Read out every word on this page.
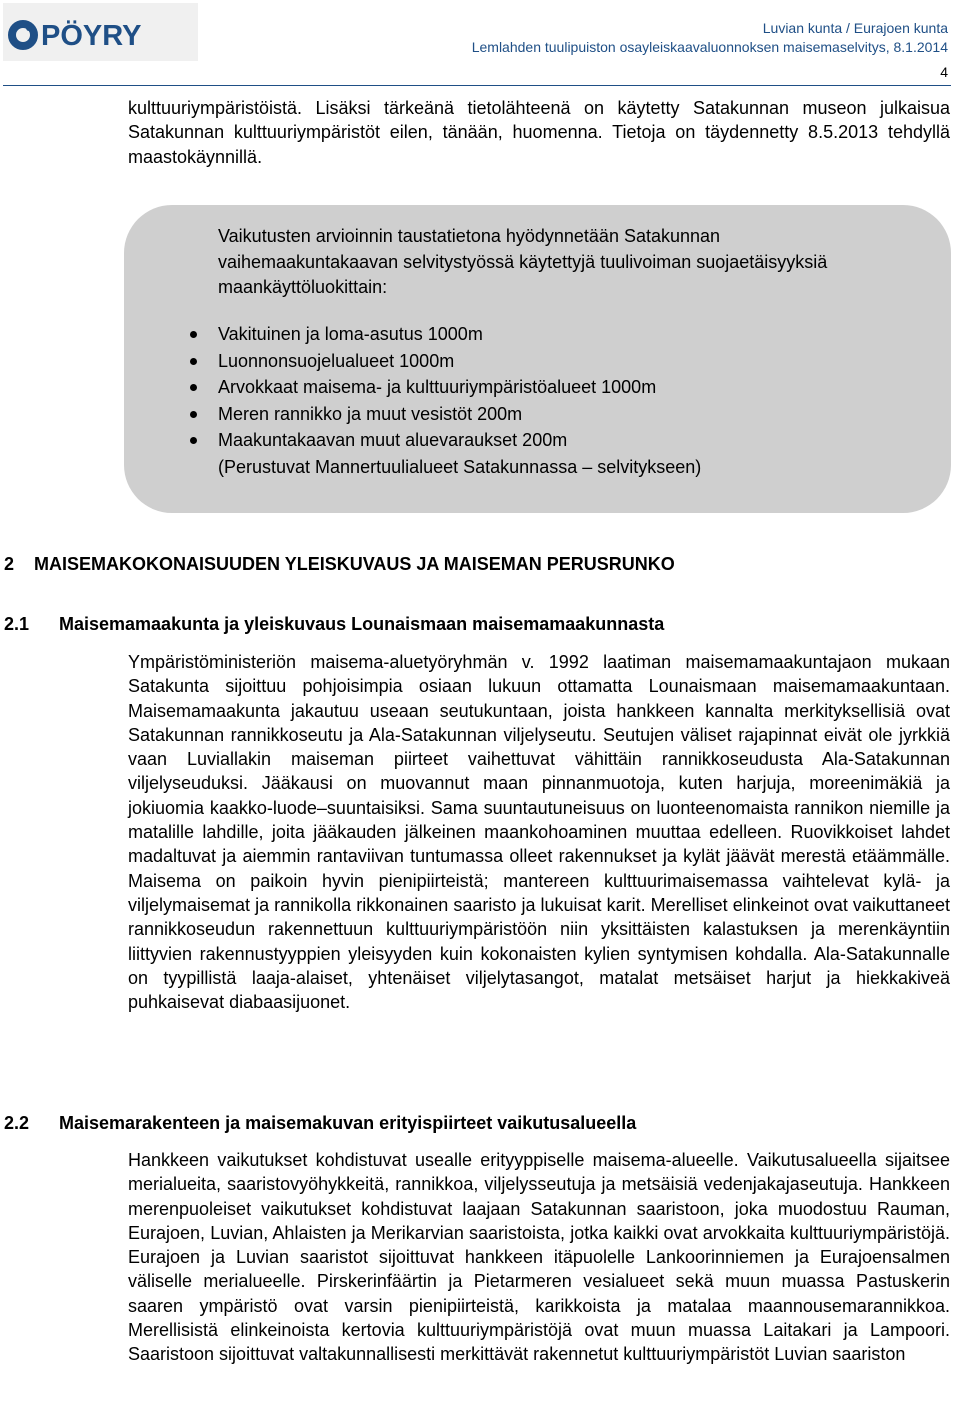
PÖYRY	Luvian kunta / Eurajoen kunta
Lemlahden tuulipuiston osayleiskaavaluonnoksen maisemaselvitys, 8.1.2014
4

kulttuuriympäristöistä. Lisäksi tärkeänä tietolähteenä on käytetty Satakunnan museon julkaisua Satakunnan kulttuuriympäristöt eilen, tänään, huomenna. Tietoja on täydennetty 8.5.2013 tehdyllä maastokäynnillä.

Vaikutusten arvioinnin taustatietona hyödynnetään Satakunnan vaihemaakuntakaavan selvitystyössä käytettyjä tuulivoiman suojaetäisyyksiä maankäyttöluokittain:

Vakituinen ja loma-asutus 1000m
Luonnonsuojelualueet 1000m
Arvokkaat maisema- ja kulttuuriympäristöalueet 1000m
Meren rannikko ja muut vesistöt 200m
Maakuntakaavan muut aluevaraukset 200m
(Perustuvat Mannertuulialueet Satakunnassa – selvitykseen)
2 MAISEMAKOKONAISUUDEN YLEISKUVAUS JA MAISEMAN PERUSRUNKO
2.1 Maisemamaakunta ja yleiskuvaus Lounaismaan maisemamaakunnasta

Ympäristöministeriön maisema-aluetyöryhmän v. 1992 laatiman maisemamaakuntajaon mukaan Satakunta sijoittuu pohjoisimpia osiaan lukuun ottamatta Lounaismaan maisemamaakuntaan. Maisemamaakunta jakautuu useaan seutukuntaan, joista hankkeen kannalta merkityksellisiä ovat Satakunnan rannikkoseutu ja Ala-Satakunnan viljelyseutu. Seutujen väliset rajapinnat eivät ole jyrkkiä vaan Luviallakin maiseman piirteet vaihettuvat vähittäin rannikkoseudusta Ala-Satakunnan viljelyseuduksi. Jääkausi on muovannut maan pinnanmuotoja, kuten harjuja, moreenimäkiä ja jokiuomia kaakko-luode–suuntaisiksi. Sama suuntautuneisuus on luonteenomaista rannikon niemille ja matalille lahdille, joita jääkauden jälkeinen maankohoaminen muuttaa edelleen. Ruovikkoiset lahdet madaltuvat ja aiemmin rantaviivan tuntumassa olleet rakennukset ja kylät jäävät merestä etäämmälle. Maisema on paikoin hyvin pienipiirteistä; mantereen kulttuurimaisemassa vaihtelevat kylä- ja viljelymaisemat ja rannikolla rikkonainen saaristo ja lukuisat karit. Merelliset elinkeinot ovat vaikuttaneet rannikkoseudun rakennettuun kulttuuriympäristöön niin yksittäisten kalastuksen ja merenkäyntiin liittyvien rakennustyyppien yleisyyden kuin kokonaisten kylien syntymisen kohdalla. Ala-Satakunnalle on tyypillistä laaja-alaiset, yhtenäiset viljelytasangot, matalat metsäiset harjut ja hiekkakiveä puhkaisevat diabaasijuonet.

2.2 Maisemarakenteen ja maisemakuvan erityispiirteet vaikutusalueella

Hankkeen vaikutukset kohdistuvat usealle erityyppiselle maisema-alueelle. Vaikutusalueella sijaitsee merialueita, saaristovyöhykkeitä, rannikkoa, viljelysseutuja ja metsäisiä vedenjakajaseutuja. Hankkeen merenpuoleiset vaikutukset kohdistuvat laajaan Satakunnan saaristoon, joka muodostuu Rauman, Eurajoen, Luvian, Ahlaisten ja Merikarvian saaristoista, jotka kaikki ovat arvokkaita kulttuuriympäristöjä. Eurajoen ja Luvian saaristot sijoittuvat hankkeen itäpuolelle Lankoorinniemen ja Eurajoensalmen väliselle merialueelle. Pirskerinfäärtin ja Pietarmeren vesialueet sekä muun muassa Pastuskerin saaren ympäristö ovat varsin pienipiirteistä, karikkoista ja matalaa maannousemarannikkoa. Merellisistä elinkeinoista kertovia kulttuuriympäristöjä ovat muun muassa Laitakari ja Lampoori. Saaristoon sijoittuvat valtakunnallisesti merkittävät rakennetut kulttuuriympäristöt Luvian saariston
